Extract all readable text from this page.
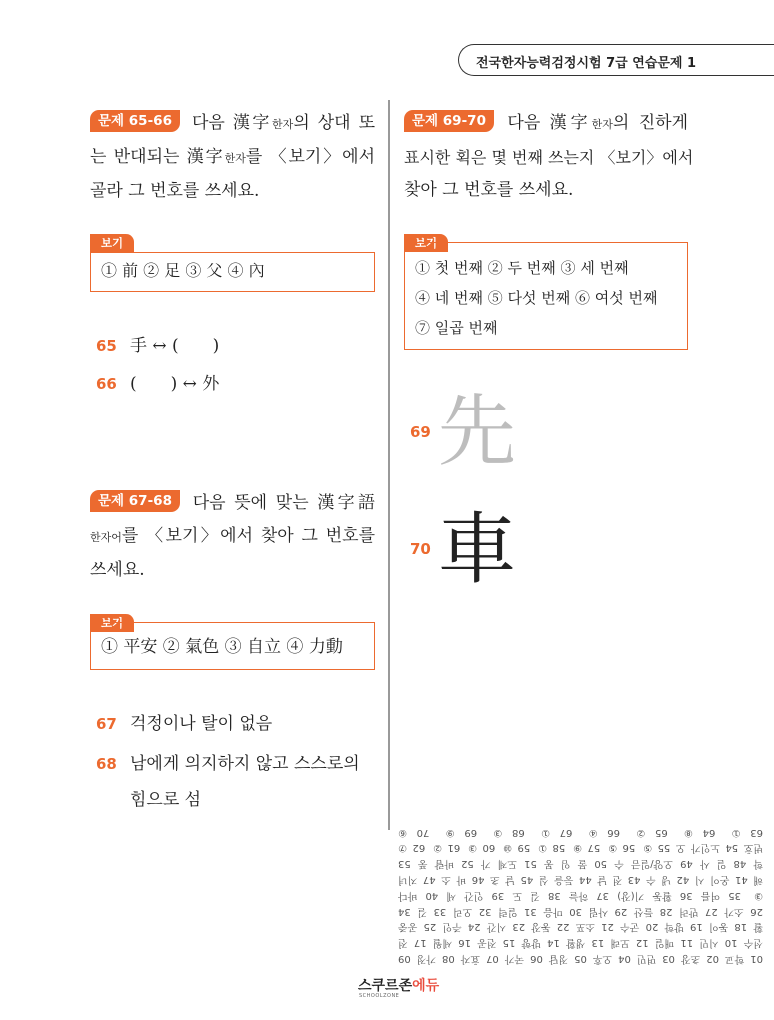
전국한자능력검정시험 7급 연습문제 1
문제 65-66 다음 漢字한자의 상대 또
는 반대되는 漢字한자를 〈보기〉에서
골라 그 번호를 쓰세요.
보기
① 前 ② 足 ③ 父 ④ 內
65 手 ↔ (　　)
66 (　　) ↔ 外
문제 67-68 다음 뜻에 맞는 漢字語
한자어를 〈보기〉에서 찾아 그 번호를
쓰세요.
보기
① 平安 ② 氣色 ③ 自立 ④ 力動
67 걱정이나 탈이 없음
68 남에게 의지하지 않고 스스로의
힘으로 섬
문제 69-70 다음 漢字한자의 진하게
표시한 획은 몇 번째 쓰는지 〈보기〉에서
찾아 그 번호를 쓰세요.
보기
① 첫 번째 ② 두 번째 ③ 세 번째
④ 네 번째 ⑤ 다섯 번째 ⑥ 여섯 번째
⑦ 일곱 번째
69 先
70 車
01 학교 02 초장 03 면민 04 오후 05 정답 06 국가 07 효자 08 가정 09
선수 10 시민 11 매일 12 모래 13 생활 14 방향 15 전공 16 세월 17 전
활 18 동이 19 방학 20 군수 21 소포 22 동장 23 시간 24 주인 25 공중
26 소가 27 반려 28 들산 29 사립 30 마음 31 일력 32 오리 33 길 34
③ 35 여름 36 활동 기(장) 37 하늘 38 길 도 39 인간 세 40 바다
해 41 온이 시 42 냉 수 43 전 날 44 등을 실 45 날 초 46 바 소 47 지녀
학 48 일 사 49 오양/일금 수 50 물 임 몽 51 도제 가 52 바람 풍 53
번호 54 노인가 오 55 ⑤ 56 ⑤ 57 ⑨ 58 ① 59 ⑩ 60 ③ 61 ② 62 ⑦
63 ① 64 ⑧ 65 ② 66 ④ 67 ① 68 ③ 69 ⑨ 70 ⑥
스쿠르존에듀
SCHOOLZONE
